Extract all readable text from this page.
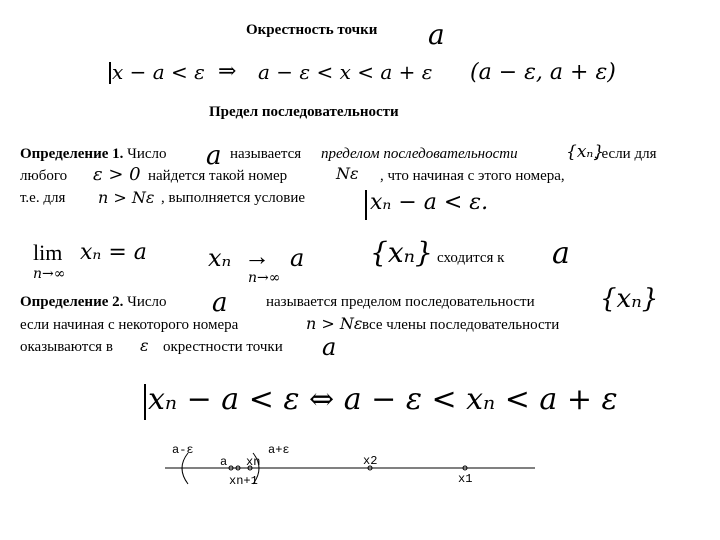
Окрестность точки a
x − a < ε ⇒ a − ε < x < a + ε (a − ε, a + ε)
Предел последовательности
Определение 1. Число a называется пределом последовательности	{xₙ}
, если для
любого ε > 0 найдется такой номер	Nε , что начиная с этого номера,
т.е. для n > Nε , выполняется условие	xₙ − a < ε.
lim xₙ = a
n→∞
xₙ → a
n→∞
{xₙ} сходится к a
Определение 2. Число a	называется пределом последовательности	{xₙ}
если начиная с некоторого номера	n > Nε все члены последовательности
оказываются в ε окрестности точки a
xₙ − a < ε ⇔ a − ε < xₙ < a + ε
a-ε	a+ε
a xn
xn+1
x2
x1
